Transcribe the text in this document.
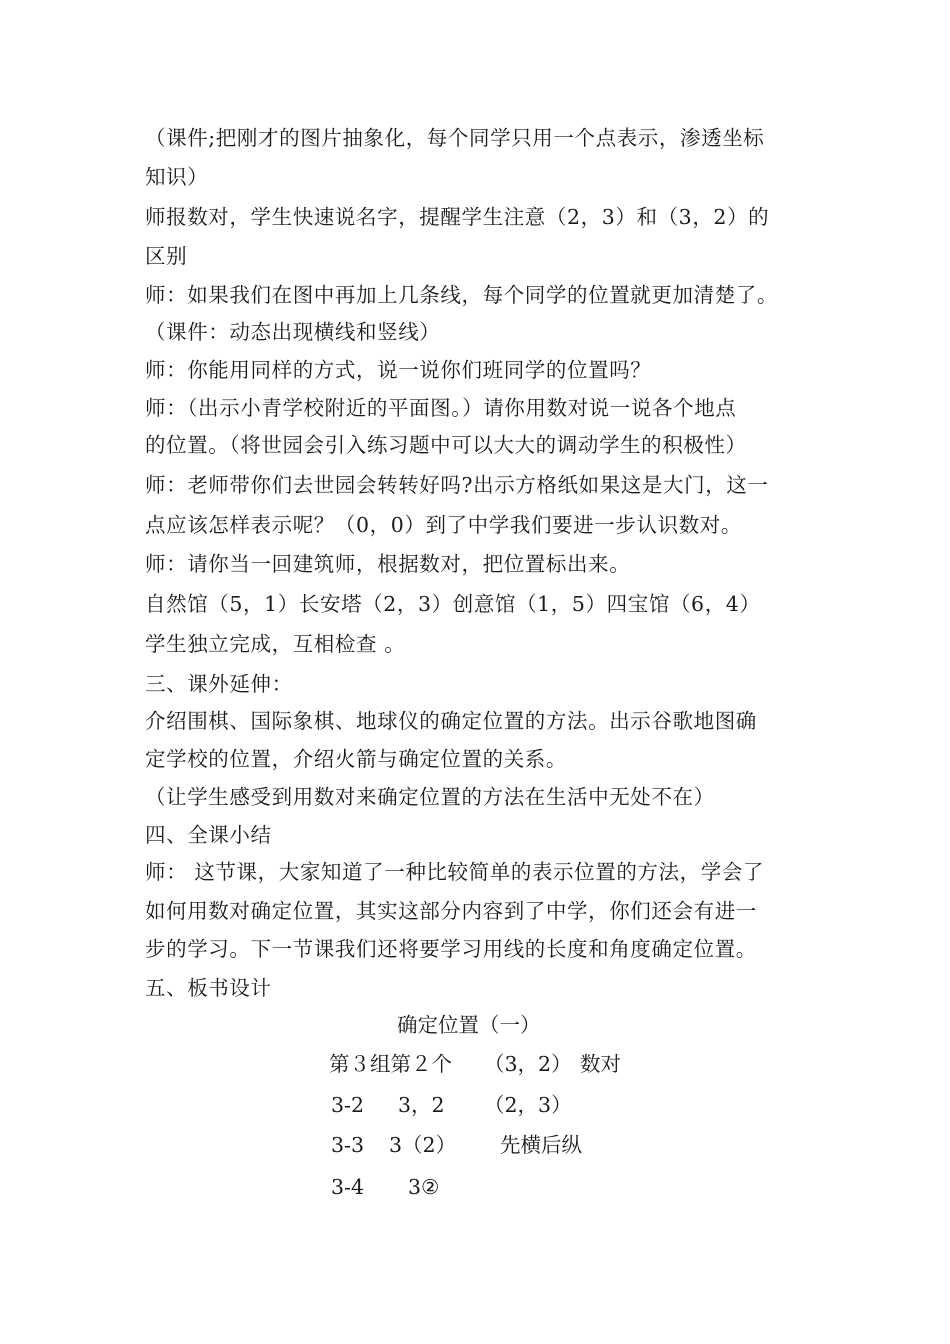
（课件;把刚才的图片抽象化，每个同学只用一个点表示，渗透坐标
知识）
师报数对，学生快速说名字，提醒学生注意（2，3）和（3，2）的
区别
师：如果我们在图中再加上几条线，每个同学的位置就更加清楚了。
（课件：动态出现横线和竖线）
师：你能用同样的方式，说一说你们班同学的位置吗？
师：（出示小青学校附近的平面图。）请你用数对说一说各个地点
的位置。（将世园会引入练习题中可以大大的调动学生的积极性）
师：老师带你们去世园会转转好吗?出示方格纸如果这是大门，这一
点应该怎样表示呢？（0，0）到了中学我们要进一步认识数对。
师：请你当一回建筑师，根据数对，把位置标出来。
自然馆（5，1）长安塔（2，3）创意馆（1，5）四宝馆（6，4）
学生独立完成，互相检查 。
三、课外延伸：
介绍围棋、国际象棋、地球仪的确定位置的方法。出示谷歌地图确
定学校的位置，介绍火箭与确定位置的关系。
（让学生感受到用数对来确定位置的方法在生活中无处不在）
四、全课小结
师： 这节课，大家知道了一种比较简单的表示位置的方法，学会了
如何用数对确定位置，其实这部分内容到了中学，你们还会有进一
步的学习。下一节课我们还将要学习用线的长度和角度确定位置。
五、板书设计
确定位置（一）
第３组第２个 （3，2） 数对
3-2 3，2 （2，3）
3-3 3（2） 先横后纵
3-4 3②
